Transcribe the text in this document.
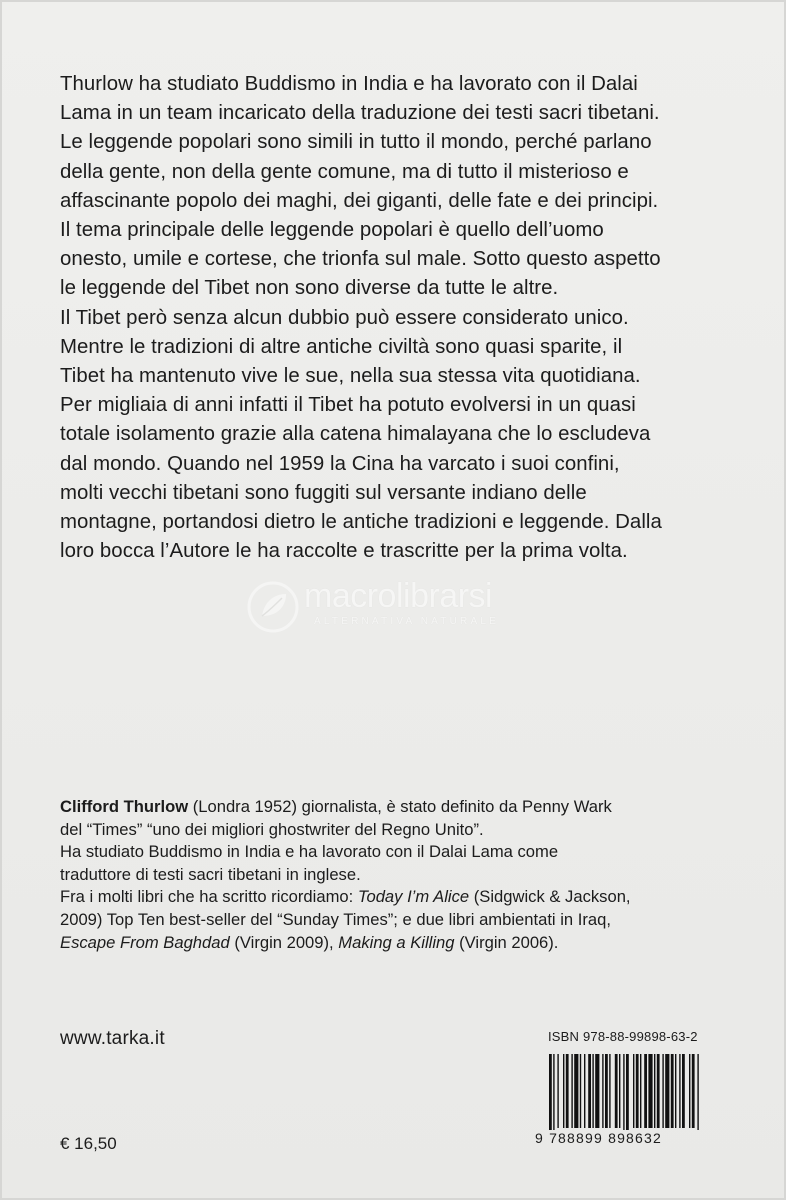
Thurlow ha studiato Buddismo in India e ha lavorato con il Dalai

Lama in un team incaricato della traduzione dei testi sacri tibetani.

Le leggende popolari sono simili in tutto il mondo, perché parlano

della gente, non della gente comune, ma di tutto il misterioso e

affascinante popolo dei maghi, dei giganti, delle fate e dei principi.

Il tema principale delle leggende popolari è quello dell’uomo

onesto, umile e cortese, che trionfa sul male. Sotto questo aspetto

le leggende del Tibet non sono diverse da tutte le altre.

Il Tibet però senza alcun dubbio può essere considerato unico.

Mentre le tradizioni di altre antiche civiltà sono quasi sparite, il

Tibet ha mantenuto vive le sue, nella sua stessa vita quotidiana.

Per migliaia di anni infatti il Tibet ha potuto evolversi in un quasi

totale isolamento grazie alla catena himalayana che lo escludeva

dal mondo. Quando nel 1959 la Cina ha varcato i suoi confini,

molti vecchi tibetani sono fuggiti sul versante indiano delle

montagne, portandosi dietro le antiche tradizioni e leggende. Dalla

loro bocca l’Autore le ha raccolte e trascritte per la prima volta.

macrolibrarsi
ALTERNATIVA NATURALE

Clifford Thurlow (Londra 1952) giornalista, è stato definito da Penny Wark

del “Times” “uno dei migliori ghostwriter del Regno Unito”.

Ha studiato Buddismo in India e ha lavorato con il Dalai Lama come

traduttore di testi sacri tibetani in inglese.

Fra i molti libri che ha scritto ricordiamo: Today I’m Alice (Sidgwick & Jackson,

2009) Top Ten best-seller del “Sunday Times”; e due libri ambientati in Iraq,

Escape From Baghdad (Virgin 2009), Making a Killing (Virgin 2006).

www.tarka.it	ISBN 978-88-99898-63-2
9 788899 898632
€ 16,50
